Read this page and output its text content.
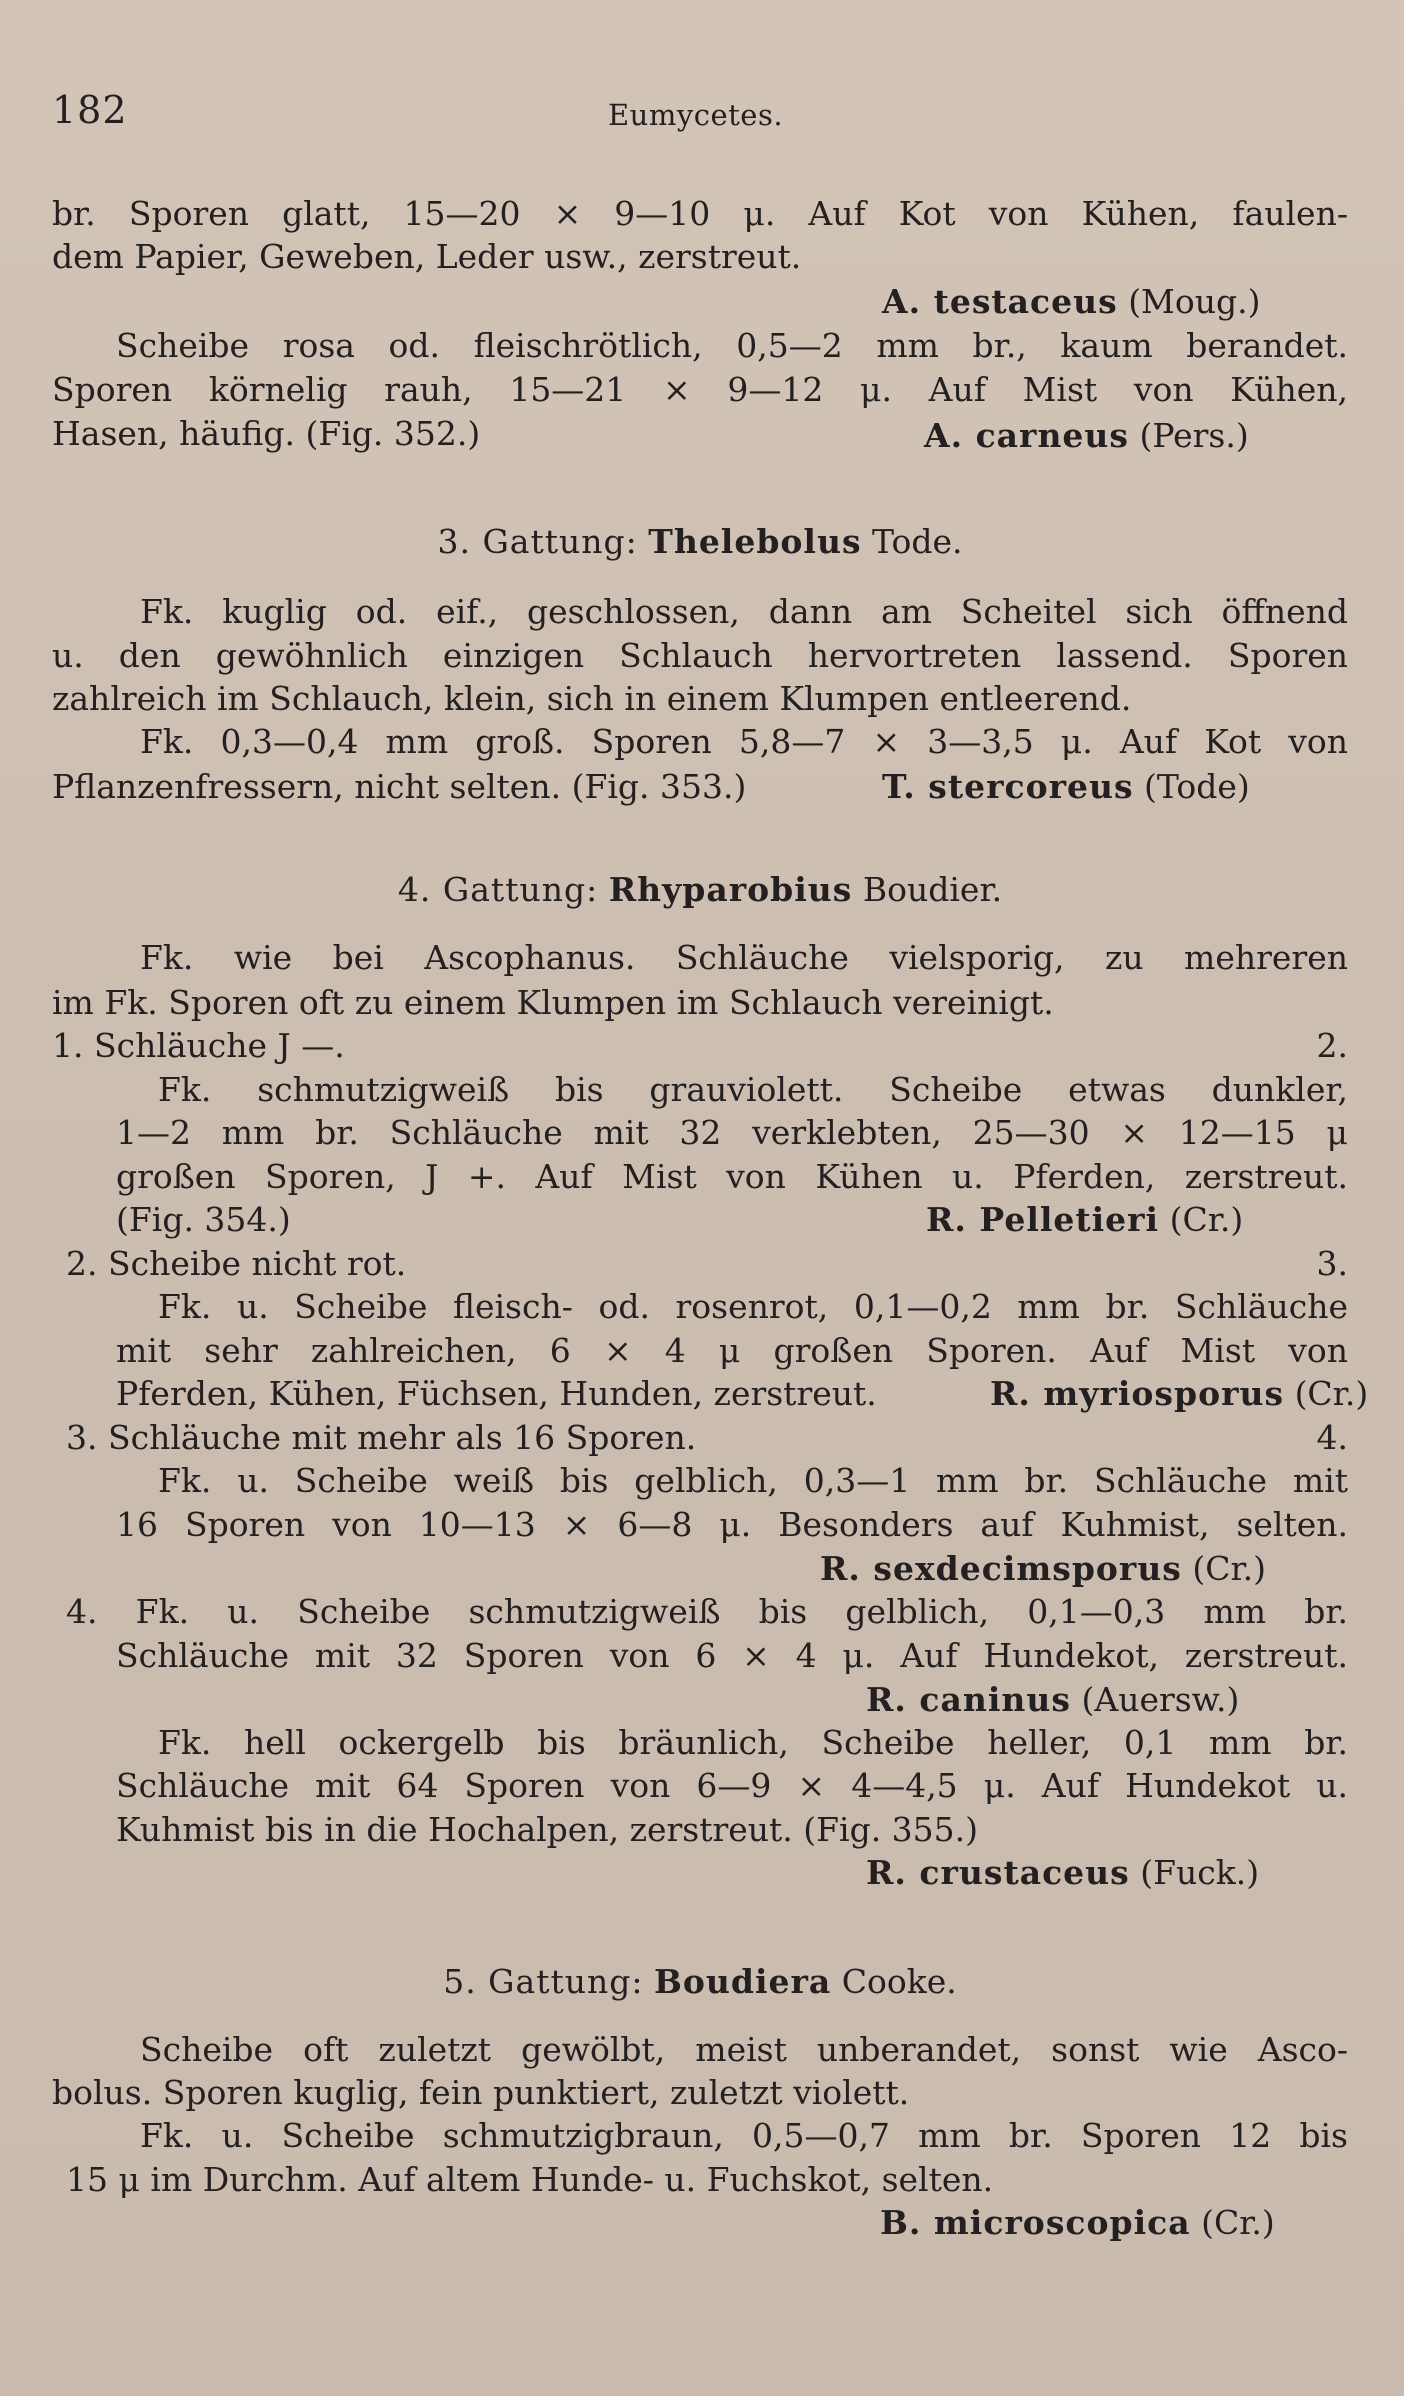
182	Eumycetes.
br. Sporen glatt, 15—20 × 9—10 μ. Auf Kot von Kühen, faulen-
dem Papier, Geweben, Leder usw., zerstreut.
A. testaceus (Moug.)
Scheibe rosa od. fleischrötlich, 0,5—2 mm br., kaum berandet.
Sporen körnelig rauh, 15—21 × 9—12 μ. Auf Mist von Kühen,
Hasen, häufig. (Fig. 352.)	A. carneus (Pers.)
3. Gattung: Thelebolus Tode.
Fk. kuglig od. eif., geschlossen, dann am Scheitel sich öffnend
u. den gewöhnlich einzigen Schlauch hervortreten lassend. Sporen
zahlreich im Schlauch, klein, sich in einem Klumpen entleerend.
Fk. 0,3—0,4 mm groß. Sporen 5,8—7 × 3—3,5 μ. Auf Kot von
Pflanzenfressern, nicht selten. (Fig. 353.)	T. stercoreus (Tode)
4. Gattung: Rhyparobius Boudier.
Fk. wie bei Ascophanus. Schläuche vielsporig, zu mehreren
im Fk. Sporen oft zu einem Klumpen im Schlauch vereinigt.
1. Schläuche J —.	2.
Fk. schmutzigweiß bis grauviolett. Scheibe etwas dunkler,
1—2 mm br. Schläuche mit 32 verklebten, 25—30 × 12—15 μ
großen Sporen, J +. Auf Mist von Kühen u. Pferden, zerstreut.
(Fig. 354.)	R. Pelletieri (Cr.)
2. Scheibe nicht rot.	3.
Fk. u. Scheibe fleisch- od. rosenrot, 0,1—0,2 mm br. Schläuche
mit sehr zahlreichen, 6 × 4 μ großen Sporen. Auf Mist von
Pferden, Kühen, Füchsen, Hunden, zerstreut.	R. myriosporus (Cr.)
3. Schläuche mit mehr als 16 Sporen.	4.
Fk. u. Scheibe weiß bis gelblich, 0,3—1 mm br. Schläuche mit
16 Sporen von 10—13 × 6—8 μ. Besonders auf Kuhmist, selten.
R. sexdecimsporus (Cr.)
4. Fk. u. Scheibe schmutzigweiß bis gelblich, 0,1—0,3 mm br.
Schläuche mit 32 Sporen von 6 × 4 μ. Auf Hundekot, zerstreut.
R. caninus (Auersw.)
Fk. hell ockergelb bis bräunlich, Scheibe heller, 0,1 mm br.
Schläuche mit 64 Sporen von 6—9 × 4—4,5 μ. Auf Hundekot u.
Kuhmist bis in die Hochalpen, zerstreut. (Fig. 355.)
R. crustaceus (Fuck.)
5. Gattung: Boudiera Cooke.
Scheibe oft zuletzt gewölbt, meist unberandet, sonst wie Asco-
bolus. Sporen kuglig, fein punktiert, zuletzt violett.
Fk. u. Scheibe schmutzigbraun, 0,5—0,7 mm br. Sporen 12 bis
15 μ im Durchm. Auf altem Hunde- u. Fuchskot, selten.
B. microscopica (Cr.)
